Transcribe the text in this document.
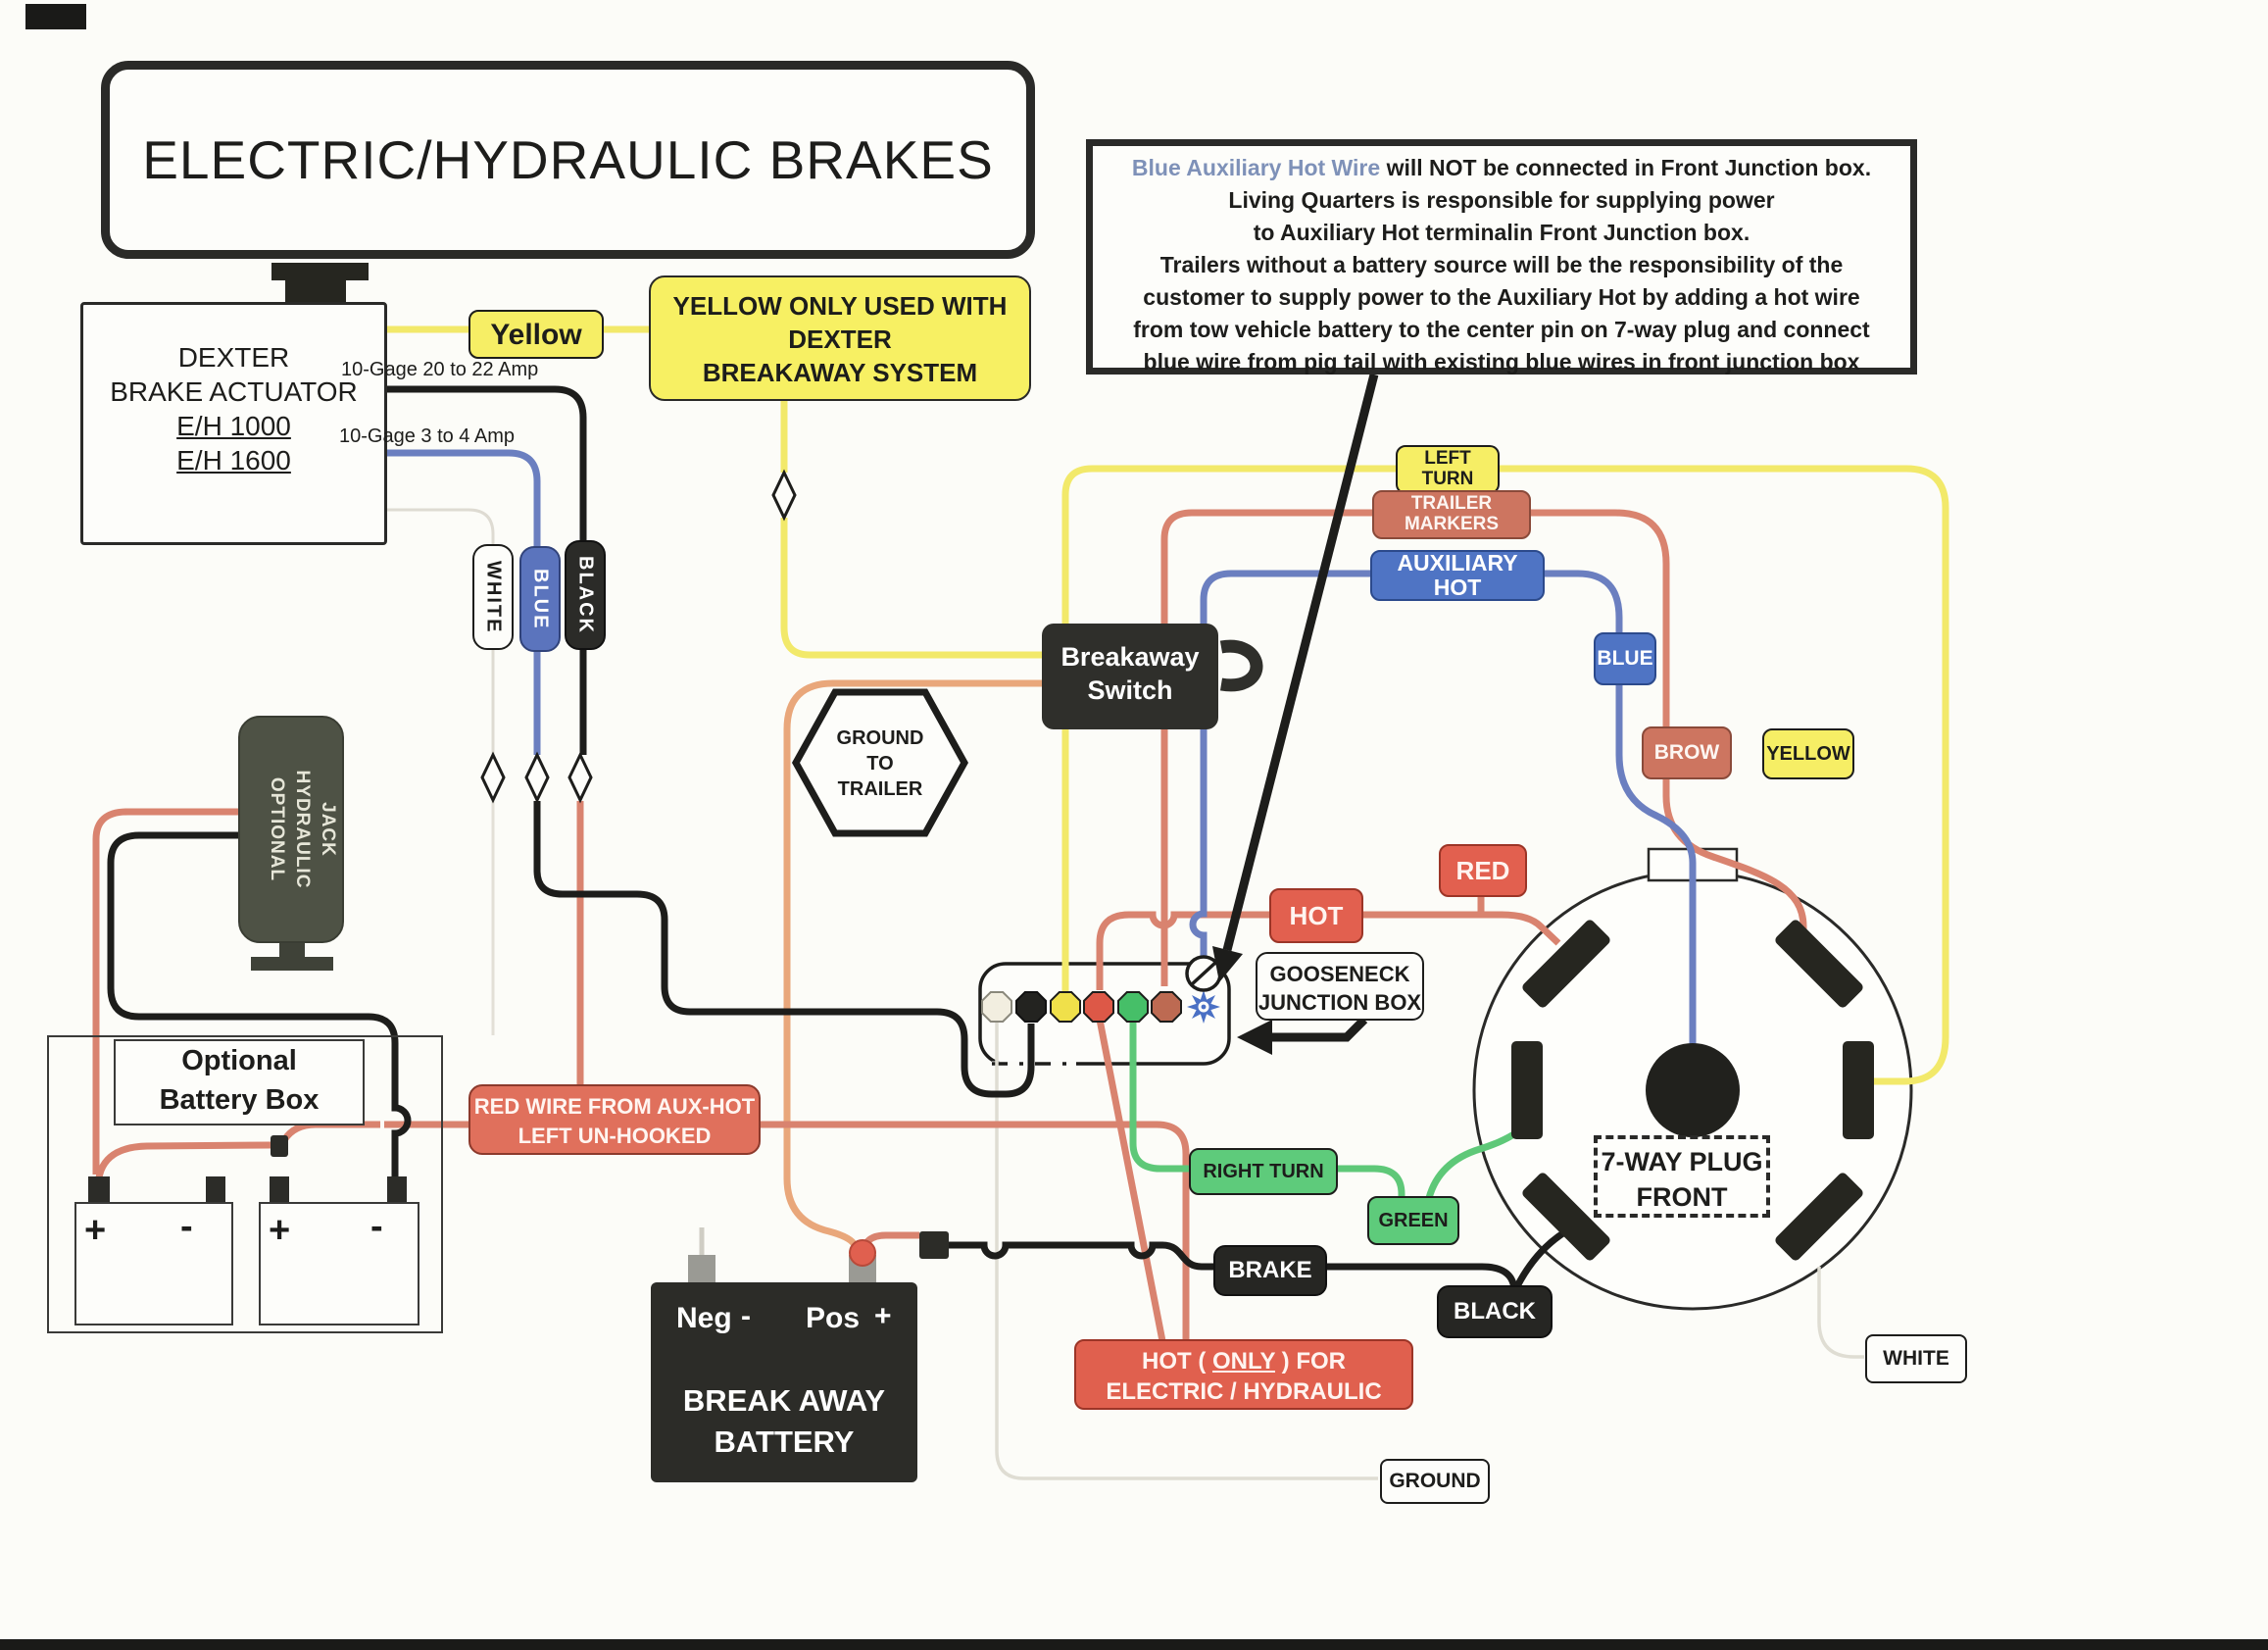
ELECTRIC/HYDRAULIC BRAKES	Blue Auxiliary Hot Wire will NOT be connected in Front Junction box.
Living Quarters is responsible for supplying power
to Auxiliary Hot terminalin Front Junction box.
Trailers without a battery source will be the responsibility of the
customer to supply power to the Auxiliary Hot by adding a hot wire
from tow vehicle battery to the center pin on 7-way plug and connect
blue wire from pig tail with existing blue wires in front junction box
DEXTER
BRAKE ACTUATOR
E/H 1000
E/H 1600
Yellow
YELLOW ONLY USED WITH
DEXTER
BREAKAWAY SYSTEM
10-Gage 20 to 22 Amp
10-Gage 3 to 4 Amp
WHITE BLUE BLACK
Breakaway
Switch
GROUND
TO
TRAILER
JACK
HYDRAULIC
OPTIONAL
Optional
Battery Box
+ - + -
RED WIRE FROM AUX-HOT
LEFT UN-HOOKED
Neg - Pos +
BREAK AWAY
BATTERY
GOOSENECK
JUNCTION BOX
7-WAY PLUG
FRONT
LEFT TURN
TRAILER MARKERS
AUXILIARY HOT
BLUE
BROW YELLOW
RED
HOT
RIGHT TURN
GREEN
BRAKE
BLACK
WHITE
GROUND
HOT ( ONLY ) FOR
ELECTRIC / HYDRAULIC
